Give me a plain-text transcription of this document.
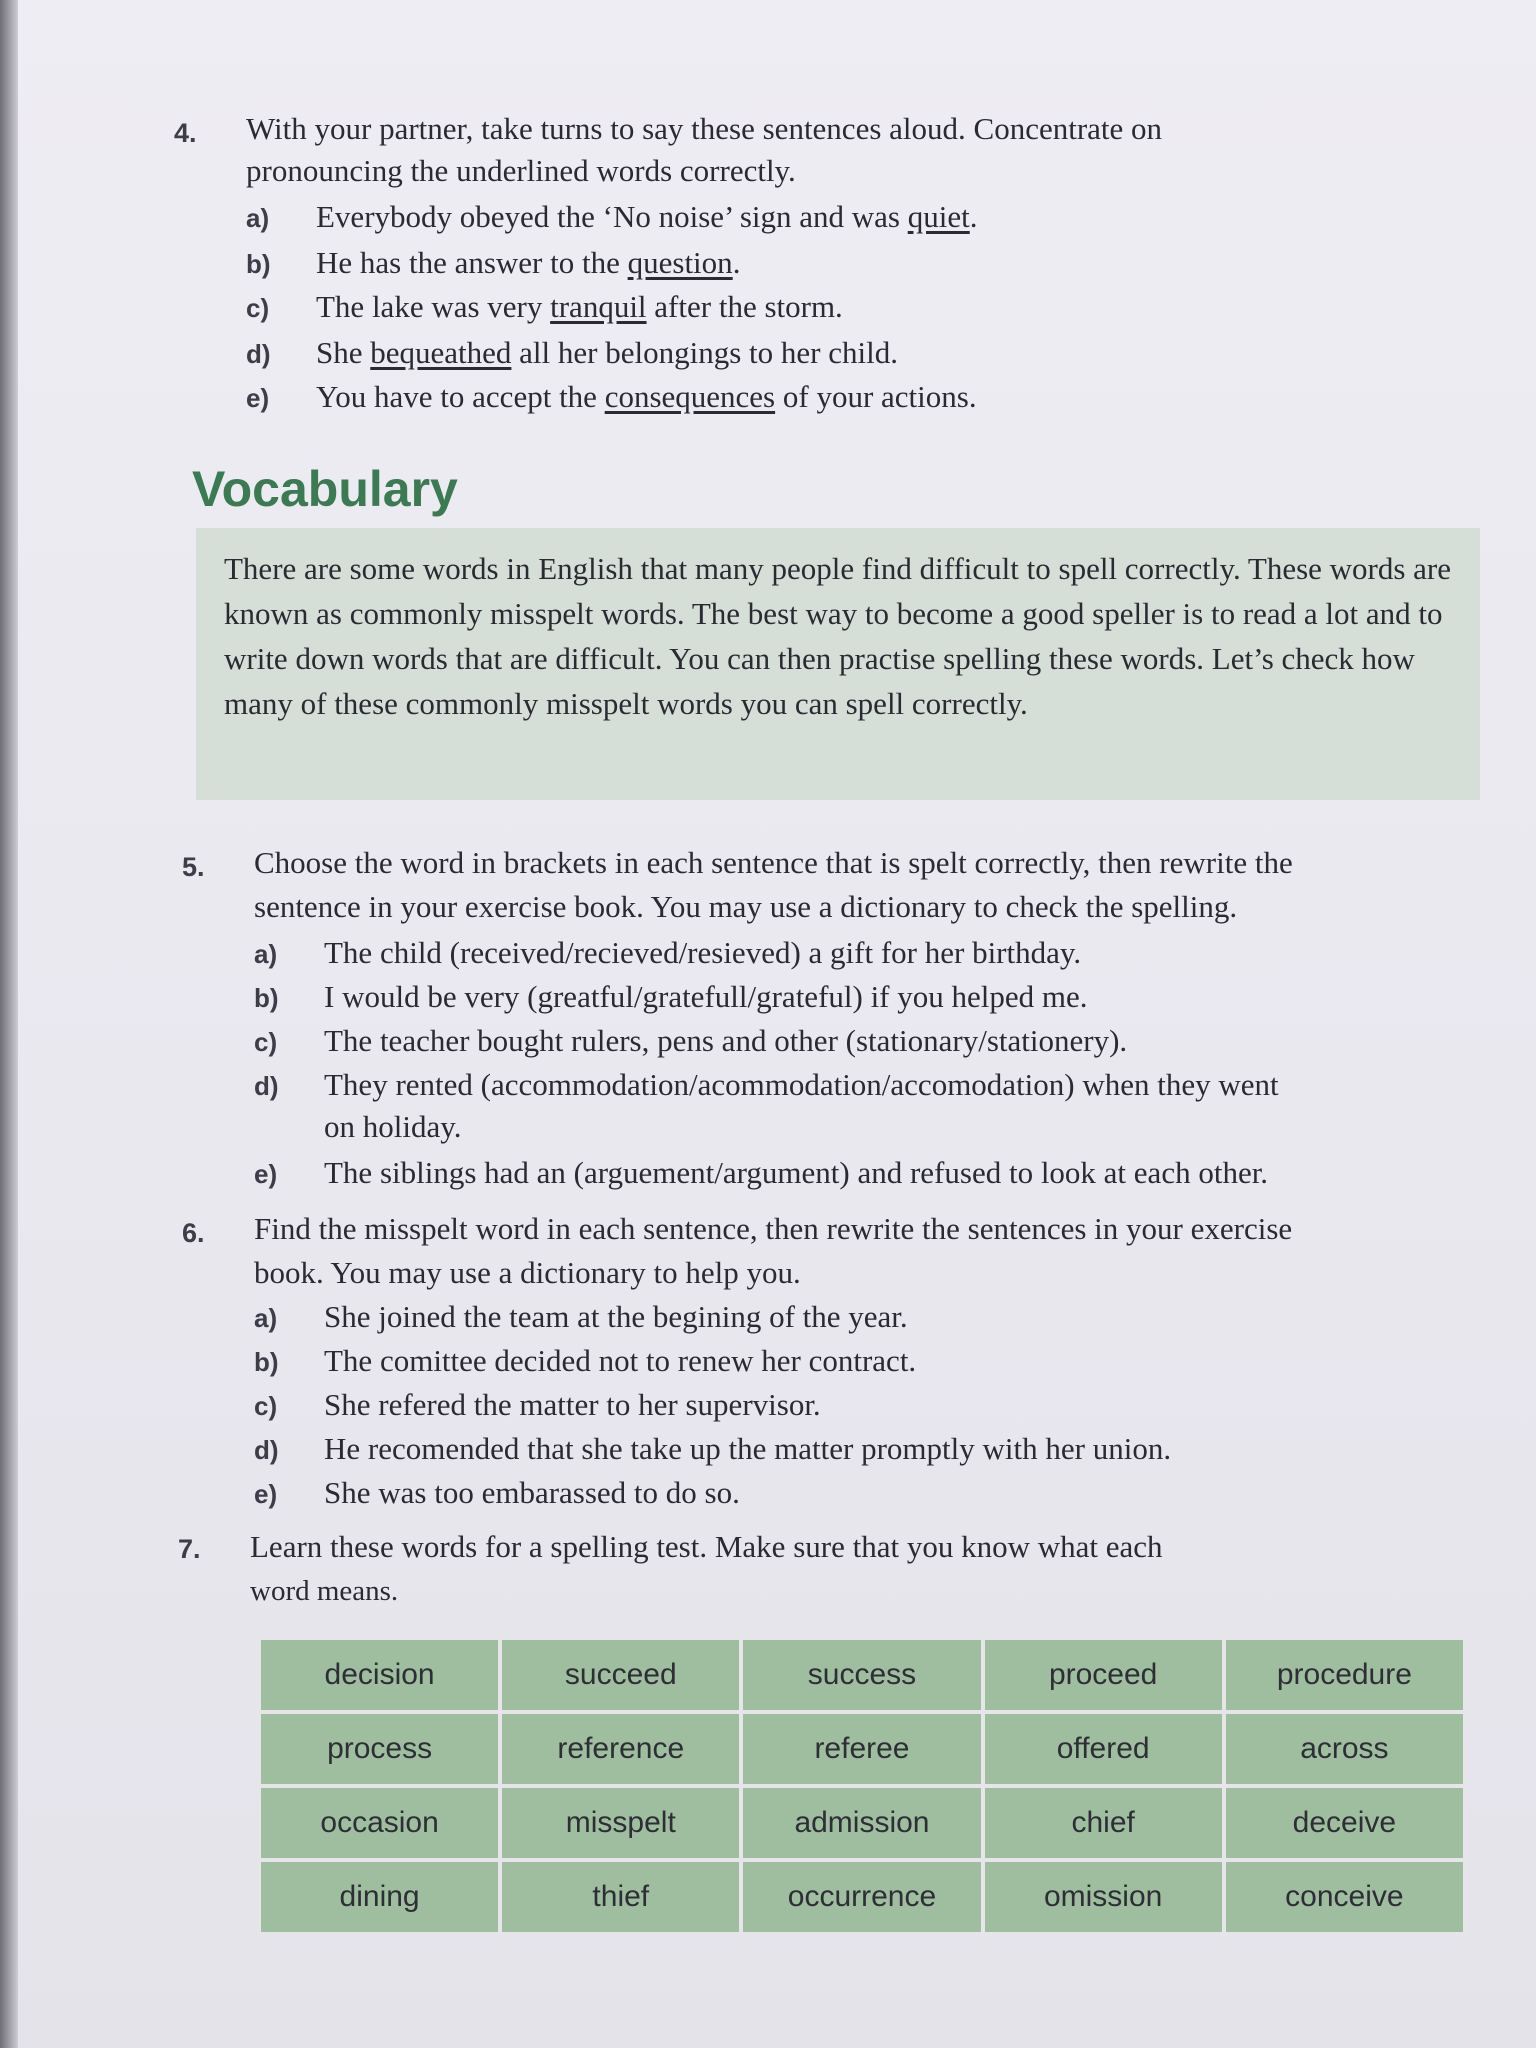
4. With your partner, take turns to say these sentences aloud. Concentrate on
pronouncing the underlined words correctly.
a) Everybody obeyed the ‘No noise’ sign and was quiet.
b) He has the answer to the question.
c) The lake was very tranquil after the storm.
d) She bequeathed all her belongings to her child.
e) You have to accept the consequences of your actions.
Vocabulary

There are some words in English that many people find difficult to spell correctly. These words are known as commonly misspelt words. The best way to become a good speller is to read a lot and to write down words that are difficult. You can then practise spelling these words. Let’s check how many of these commonly misspelt words you can spell correctly.

5. Choose the word in brackets in each sentence that is spelt correctly, then rewrite the
sentence in your exercise book. You may use a dictionary to check the spelling.
a) The child (received/recieved/resieved) a gift for her birthday.
b) I would be very (greatful/gratefull/grateful) if you helped me.
c) The teacher bought rulers, pens and other (stationary/stationery).
d) They rented (accommodation/acommodation/accomodation) when they went
on holiday.
e) The siblings had an (arguement/argument) and refused to look at each other.
6. Find the misspelt word in each sentence, then rewrite the sentences in your exercise
book. You may use a dictionary to help you.
a) She joined the team at the begining of the year.
b) The comittee decided not to renew her contract.
c) She refered the matter to her supervisor.
d) He recomended that she take up the matter promptly with her union.
e) She was too embarassed to do so.
7. Learn these words for a spelling test. Make sure that you know what each
word means.
decision	succeed	success	proceed	procedure
process	reference	referee	offered	across
occasion	misspelt	admission	chief	deceive
dining	thief	occurrence	omission	conceive
